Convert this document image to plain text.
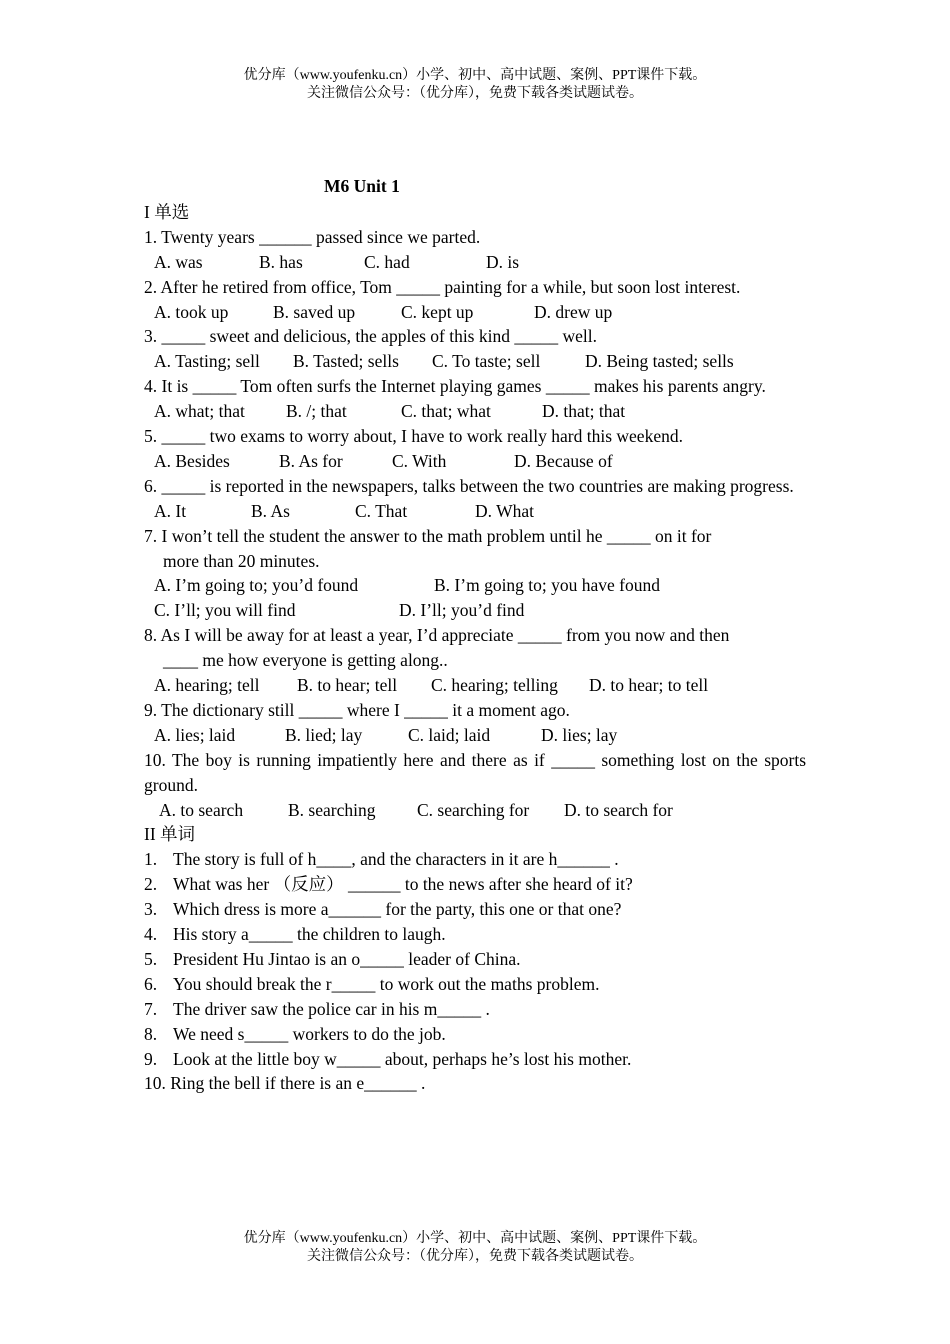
优分库（www.youfenku.cn）小学、初中、高中试题、案例、PPT课件下载。
关注微信公众号：（优分库），免费下载各类试题试卷。
M6 Unit 1
I 单选
1. Twenty years ______ passed since we parted.
A. was	B. has	C. had	D. is
2. After he retired from office, Tom _____ painting for a while, but soon lost interest.
A. took up	B. saved up	C. kept up	D. drew up
3. _____ sweet and delicious, the apples of this kind _____ well.
A. Tasting; sell B. Tasted; sells C. To taste; sell	D. Being tasted; sells
4. It is _____ Tom often surfs the Internet playing games _____ makes his parents angry.
A. what; that B. /; that	C. that; what	D. that; that
5. _____ two exams to worry about, I have to work really hard this weekend.
A. Besides	B. As for	C. With	D. Because of
6. _____ is reported in the newspapers, talks between the two countries are making progress.
A. It	B. As	C. That	D. What
7. I won’t tell the student the answer to the math problem until he _____ on it for
more than 20 minutes.
A. I’m going to; you’d found	B. I’m going to; you have found
C. I’ll; you will find	D. I’ll; you’d find
8. As I will be away for at least a year, I’d appreciate _____ from you now and then
____ me how everyone is getting along..
A. hearing; tell B. to hear; tell C. hearing; telling D. to hear; to tell
9. The dictionary still _____ where I _____ it a moment ago.
A. lies; laid	B. lied; lay	C. laid; laid	D. lies; lay
10. The boy is running impatiently here and there as if _____ something lost on the sports ground.
A. to search	B. searching C. searching for D. to search for
II 单词
1. The story is full of h____, and the characters in it are h______ .
2. What was her （反应） ______ to the news after she heard of it?
3. Which dress is more a______ for the party, this one or that one?
4. His story a_____ the children to laugh.
5. President Hu Jintao is an o_____ leader of China.
6. You should break the r_____ to work out the maths problem.
7. The driver saw the police car in his m_____ .
8. We need s_____ workers to do the job.
9. Look at the little boy w_____ about, perhaps he’s lost his mother.
10. Ring the bell if there is an e______ .
优分库（www.youfenku.cn）小学、初中、高中试题、案例、PPT课件下载。
关注微信公众号：（优分库），免费下载各类试题试卷。
